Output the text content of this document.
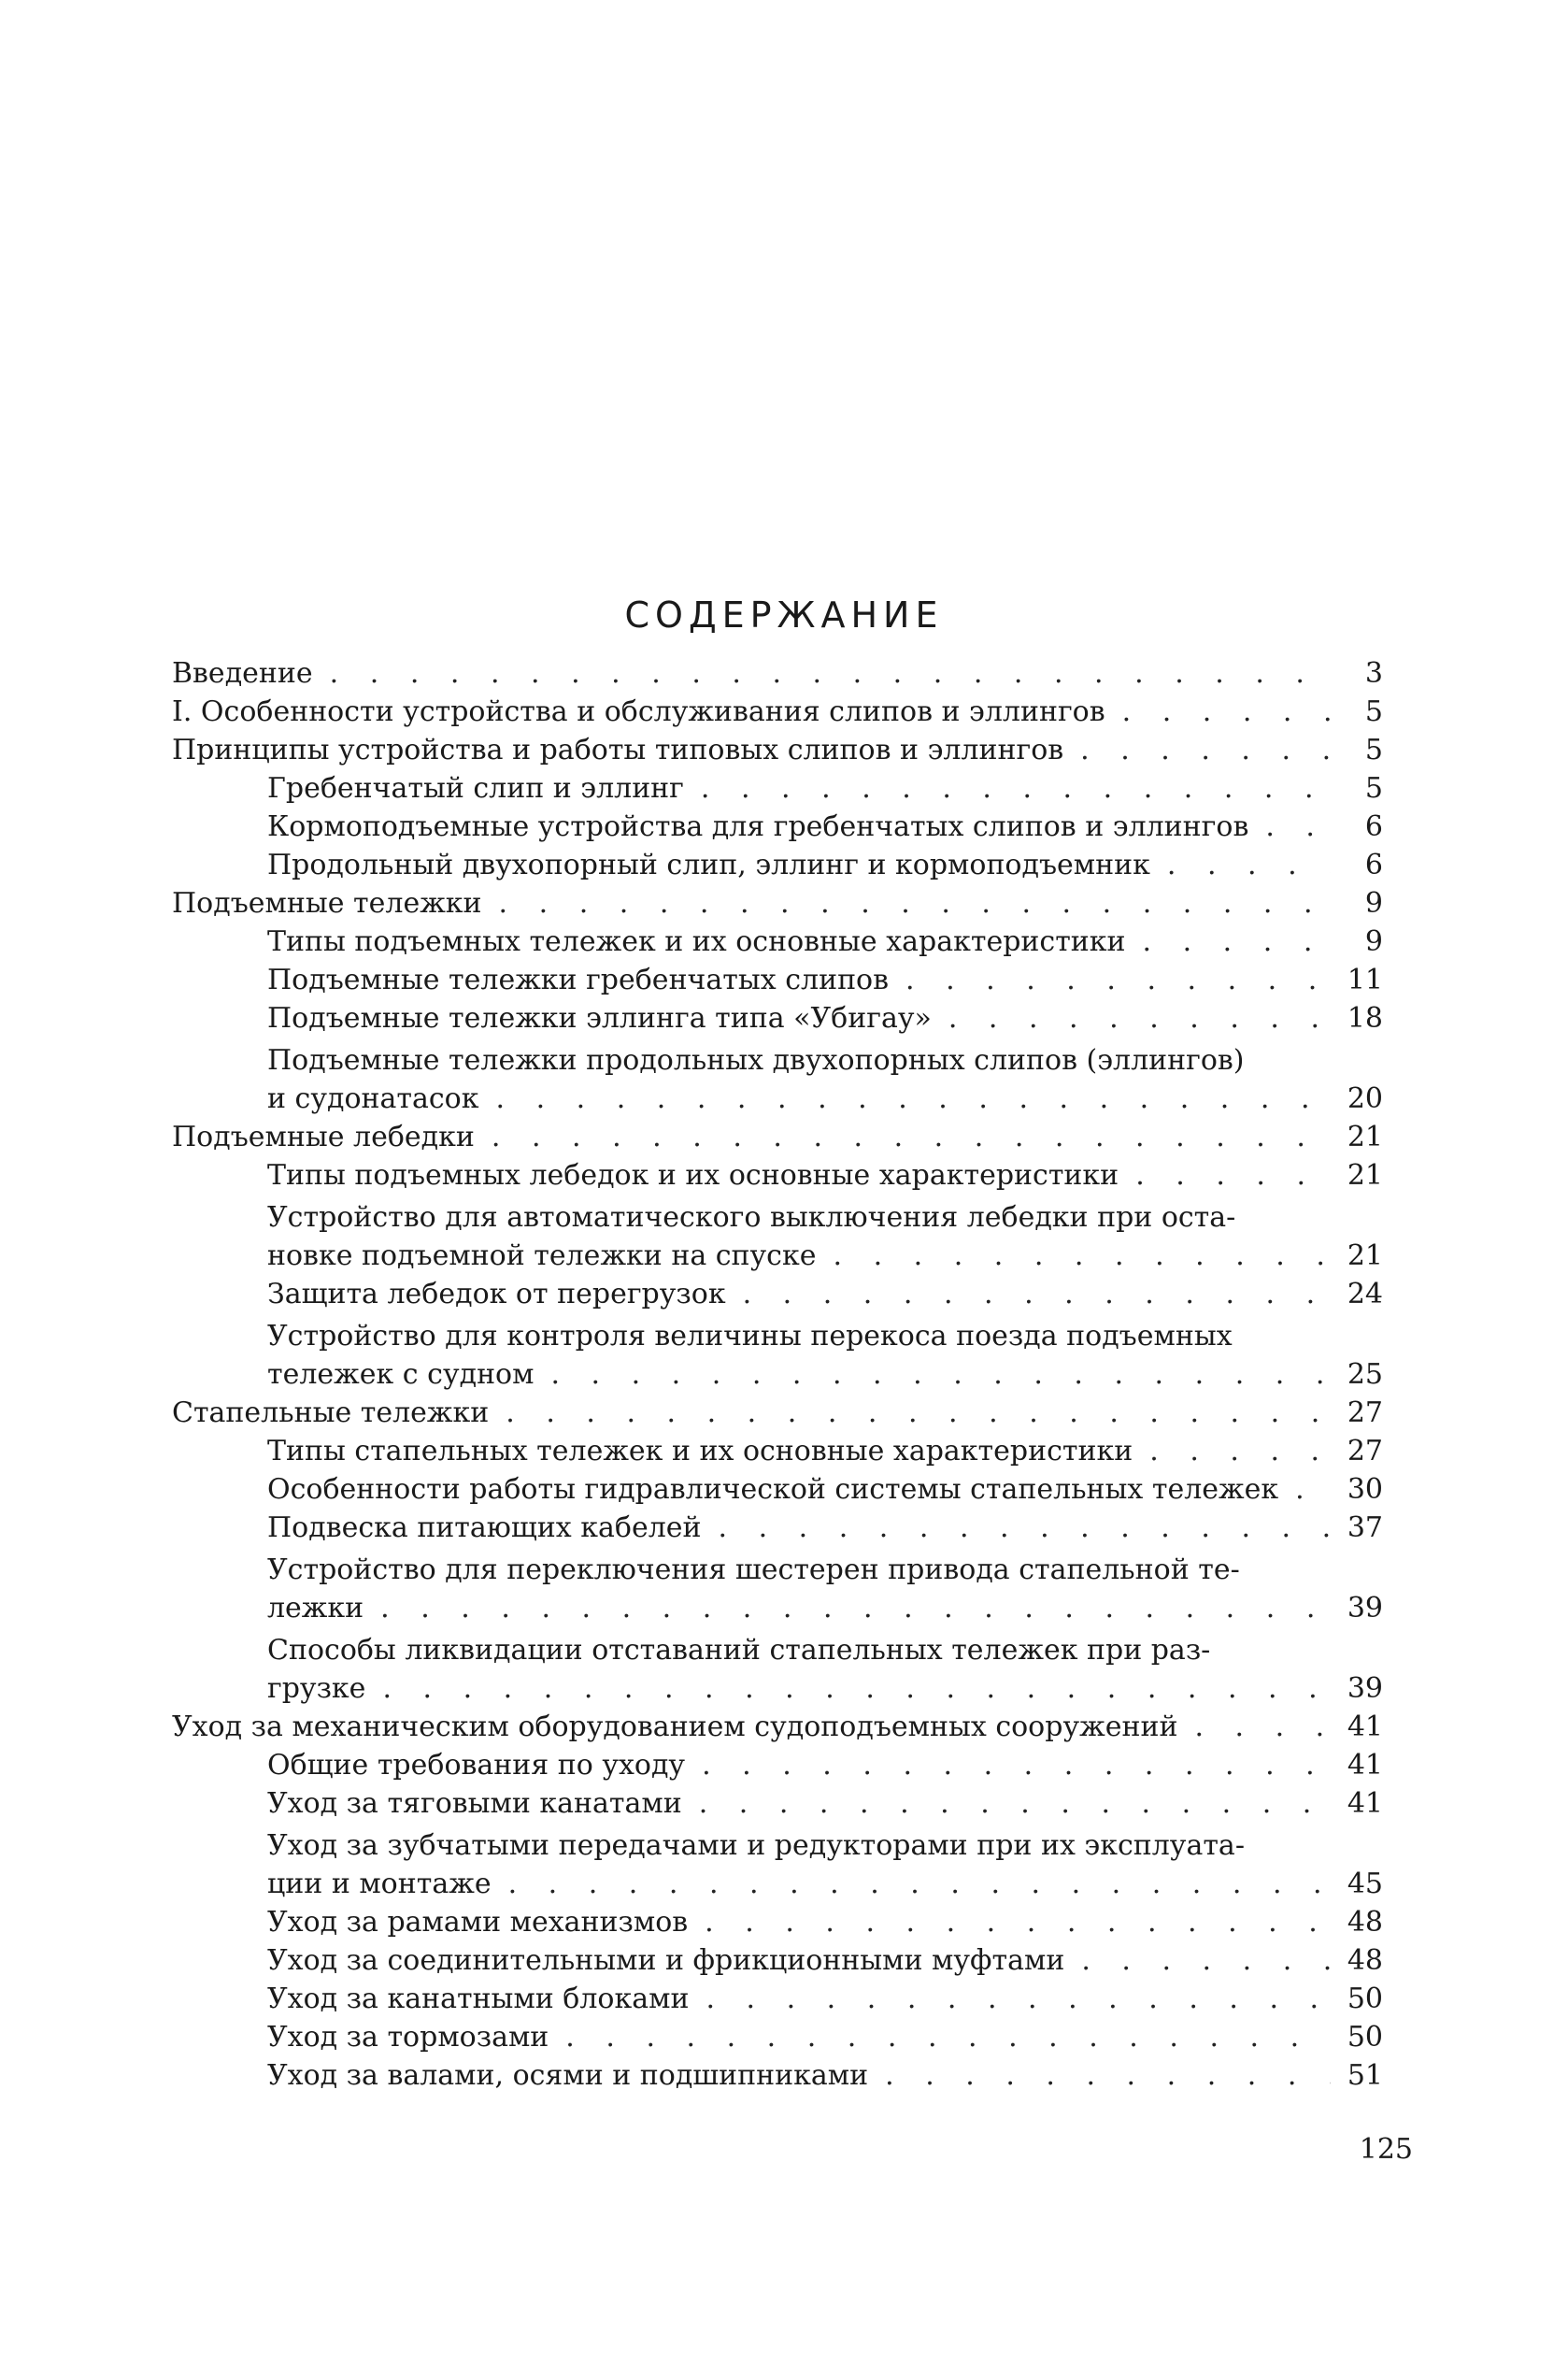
СОДЕРЖАНИЕ
Введение . . .	3
I. Особенности устройства и обслуживания слипов и эллингов . . .	5
Принципы устройства и работы типовых слипов и эллингов . . .	5
Гребенчатый слип и эллинг . . .	5
Кормоподъемные устройства для гребенчатых слипов и эллингов . . .	6
Продольный двухопорный слип, эллинг и кормоподъемник . . .	6
Подъемные тележки . . .	9
Типы подъемных тележек и их основные характеристики . . .	9
Подъемные тележки гребенчатых слипов . . .	11
Подъемные тележки эллинга типа «Убигау» . . .	18
Подъемные тележки продольных двухопорных слипов (эллингов)
и судонатасок . . .	20
Подъемные лебедки . . .	21
Типы подъемных лебедок и их основные характеристики . . .	21
Устройство для автоматического выключения лебедки при оста-
новке подъемной тележки на спуске . . .	21
Защита лебедок от перегрузок . . .	24
Устройство для контроля величины перекоса поезда подъемных
тележек с судном . . .	25
Стапельные тележки . . .	27
Типы стапельных тележек и их основные характеристики . . .	27
Особенности работы гидравлической системы стапельных тележек . . .	30
Подвеска питающих кабелей . . .	37
Устройство для переключения шестерен привода стапельной те-
лежки . . .	39
Способы ликвидации отставаний стапельных тележек при раз-
грузке . . .	39
Уход за механическим оборудованием судоподъемных сооружений . . .	41
Общие требования по уходу . . .	41
Уход за тяговыми канатами . . .	41
Уход за зубчатыми передачами и редукторами при их эксплуата-
ции и монтаже . . .	45
Уход за рамами механизмов . . .	48
Уход за соединительными и фрикционными муфтами . . .	48
Уход за канатными блоками . . .	50
Уход за тормозами . . .	50
Уход за валами, осями и подшипниками . . .	51
125
